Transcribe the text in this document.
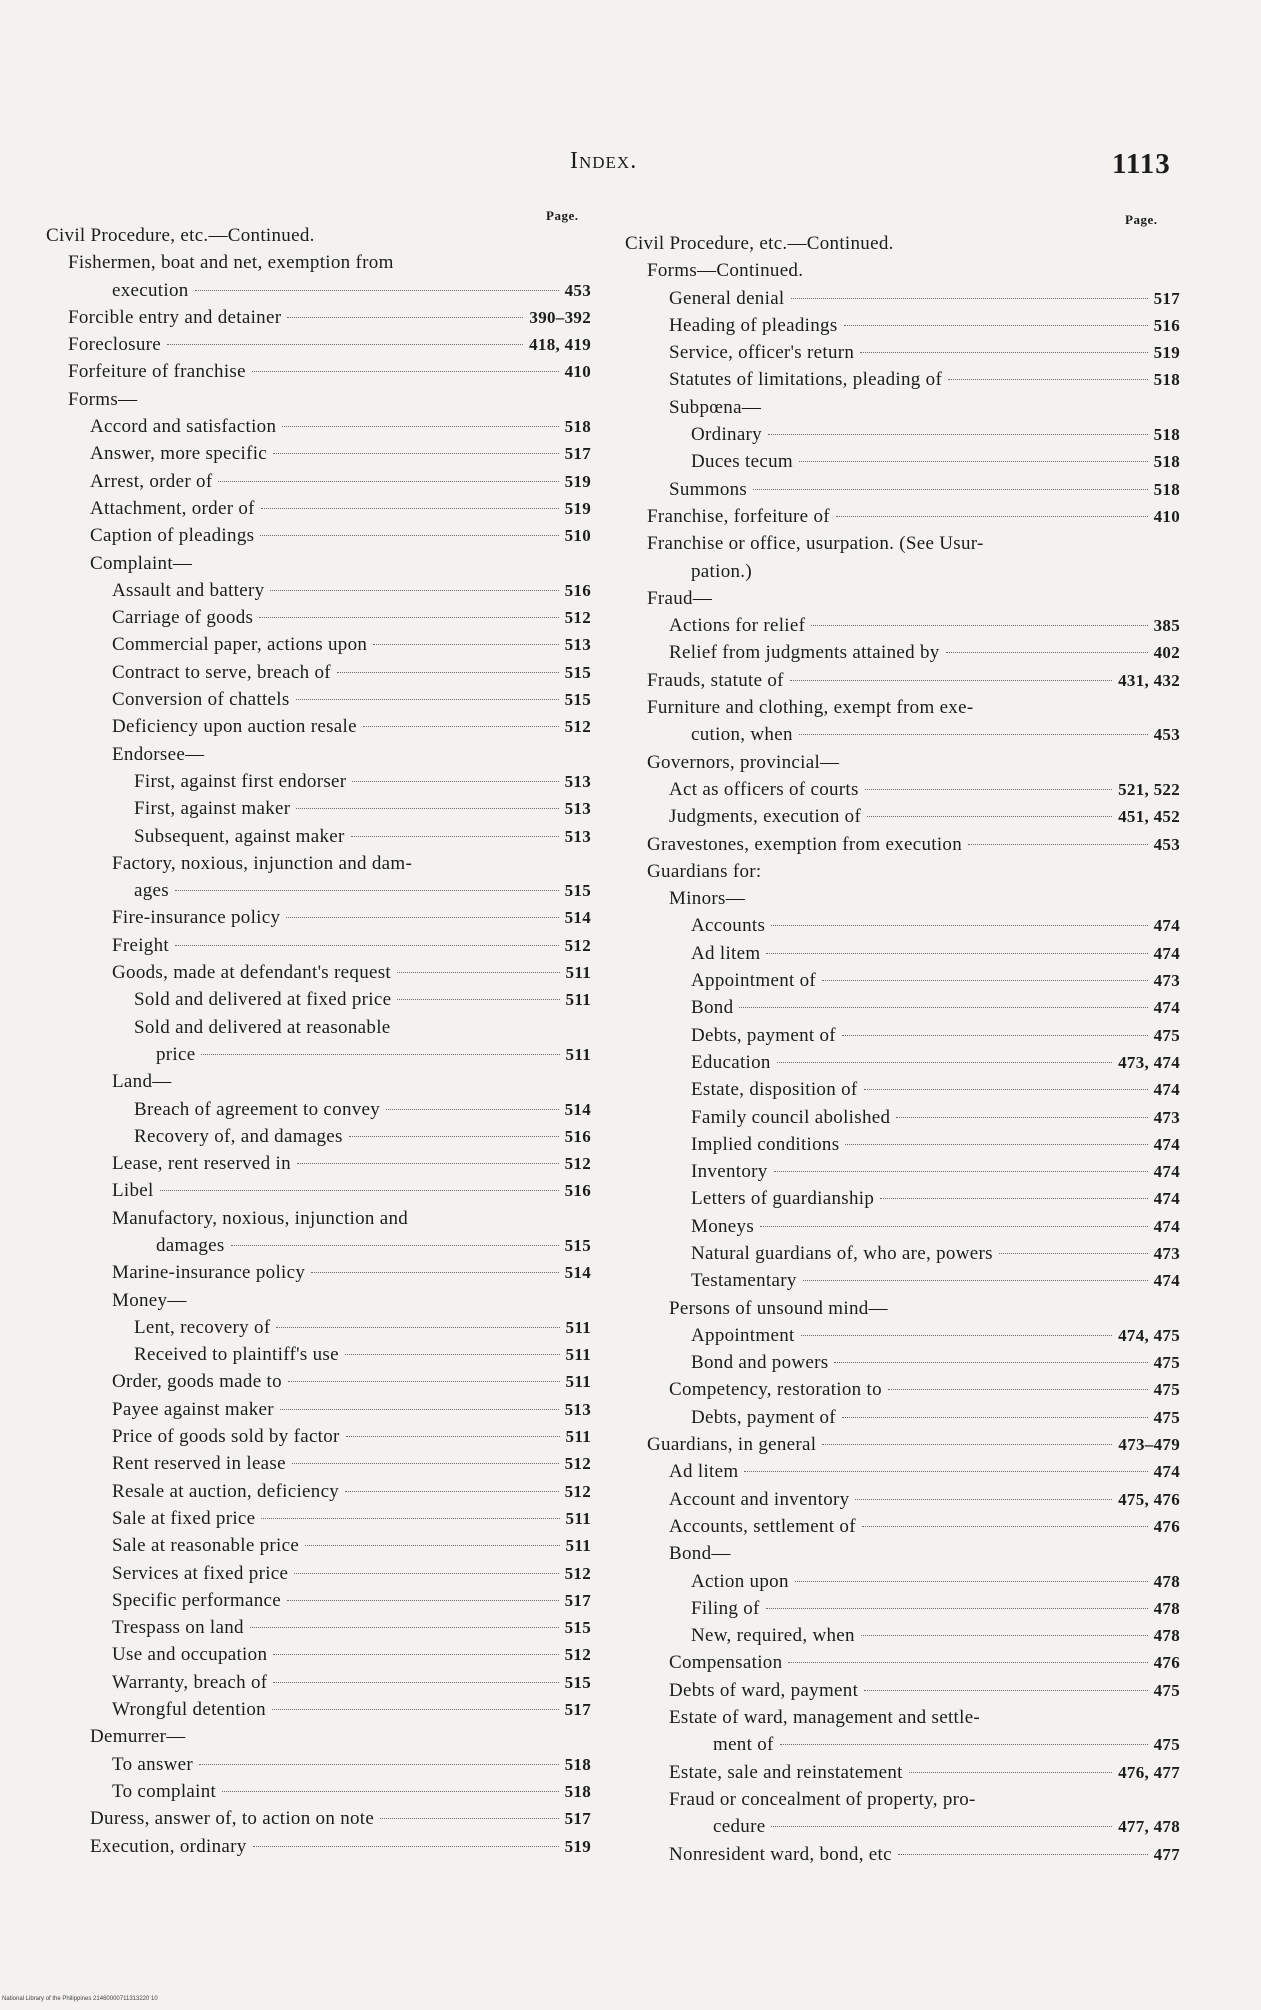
Index.	1113
Page.
Civil Procedure, etc.—Continued.
Fishermen, boat and net, exemption from
execution	453
Forcible entry and detainer	390–392
Foreclosure	418, 419
Forfeiture of franchise	410
Forms—
Accord and satisfaction	518
Answer, more specific	517
Arrest, order of	519
Attachment, order of	519
Caption of pleadings	510
Complaint—
Assault and battery	516
Carriage of goods	512
Commercial paper, actions upon	513
Contract to serve, breach of	515
Conversion of chattels	515
Deficiency upon auction resale	512
Endorsee—
First, against first endorser	513
First, against maker	513
Subsequent, against maker	513
Factory, noxious, injunction and dam-
ages	515
Fire-insurance policy	514
Freight	512
Goods, made at defendant's request	511
Sold and delivered at fixed price	511
Sold and delivered at reasonable
price	511
Land—
Breach of agreement to convey	514
Recovery of, and damages	516
Lease, rent reserved in	512
Libel	516
Manufactory, noxious, injunction and
damages	515
Marine-insurance policy	514
Money—
Lent, recovery of	511
Received to plaintiff's use	511
Order, goods made to	511
Payee against maker	513
Price of goods sold by factor	511
Rent reserved in lease	512
Resale at auction, deficiency	512
Sale at fixed price	511
Sale at reasonable price	511
Services at fixed price	512
Specific performance	517
Trespass on land	515
Use and occupation	512
Warranty, breach of	515
Wrongful detention	517
Demurrer—
To answer	518
To complaint	518
Duress, answer of, to action on note	517
Execution, ordinary	519
Page.
Civil Procedure, etc.—Continued.
Forms—Continued.
General denial	517
Heading of pleadings	516
Service, officer's return	519
Statutes of limitations, pleading of	518
Subpœna—
Ordinary	518
Duces tecum	518
Summons	518
Franchise, forfeiture of	410
Franchise or office, usurpation. (See Usur-
pation.)
Fraud—
Actions for relief	385
Relief from judgments attained by	402
Frauds, statute of	431, 432
Furniture and clothing, exempt from exe-
cution, when	453
Governors, provincial—
Act as officers of courts	521, 522
Judgments, execution of	451, 452
Gravestones, exemption from execution	453
Guardians for:
Minors—
Accounts	474
Ad litem	474
Appointment of	473
Bond	474
Debts, payment of	475
Education	473, 474
Estate, disposition of	474
Family council abolished	473
Implied conditions	474
Inventory	474
Letters of guardianship	474
Moneys	474
Natural guardians of, who are, powers	473
Testamentary	474
Persons of unsound mind—
Appointment	474, 475
Bond and powers	475
Competency, restoration to	475
Debts, payment of	475
Guardians, in general	473–479
Ad litem	474
Account and inventory	475, 476
Accounts, settlement of	476
Bond—
Action upon	478
Filing of	478
New, required, when	478
Compensation	476
Debts of ward, payment	475
Estate of ward, management and settle-
ment of	475
Estate, sale and reinstatement	476, 477
Fraud or concealment of property, pro-
cedure	477, 478
Nonresident ward, bond, etc	477
National Library of the Philippines 21460000711313220 10
